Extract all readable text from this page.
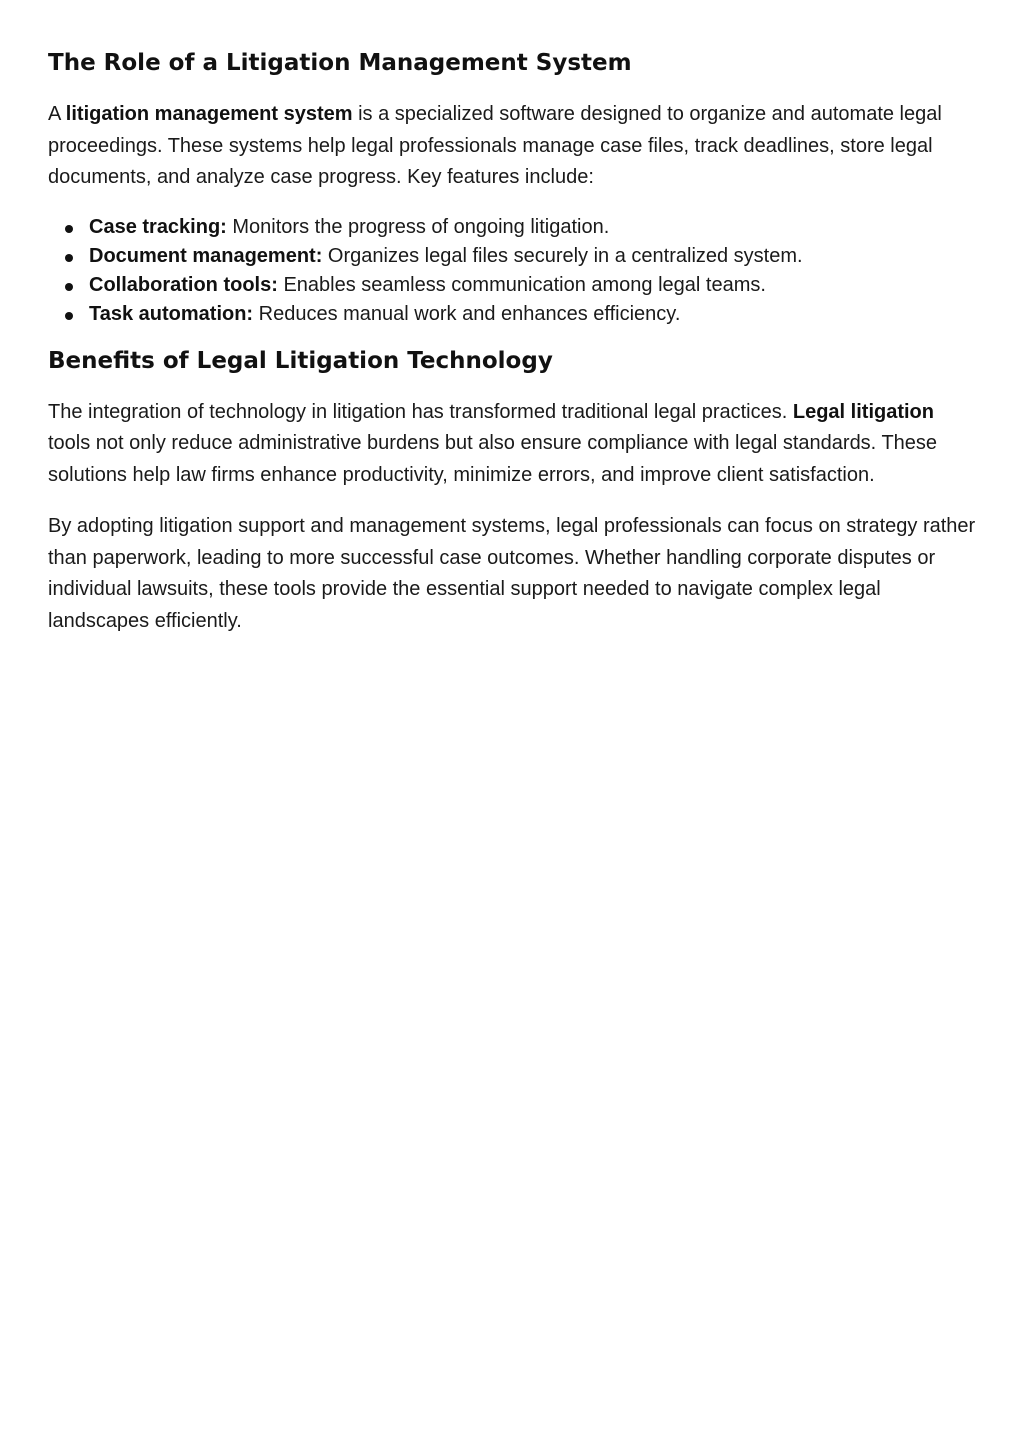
The Role of a Litigation Management System

A litigation management system is a specialized software designed to organize and automate legal proceedings. These systems help legal professionals manage case files, track deadlines, store legal documents, and analyze case progress. Key features include:

Case tracking: Monitors the progress of ongoing litigation.
Document management: Organizes legal files securely in a centralized system.
Collaboration tools: Enables seamless communication among legal teams.
Task automation: Reduces manual work and enhances efficiency.
Benefits of Legal Litigation Technology

The integration of technology in litigation has transformed traditional legal practices. Legal litigation tools not only reduce administrative burdens but also ensure compliance with legal standards. These solutions help law firms enhance productivity, minimize errors, and improve client satisfaction.

By adopting litigation support and management systems, legal professionals can focus on strategy rather than paperwork, leading to more successful case outcomes. Whether handling corporate disputes or individual lawsuits, these tools provide the essential support needed to navigate complex legal landscapes efficiently.
